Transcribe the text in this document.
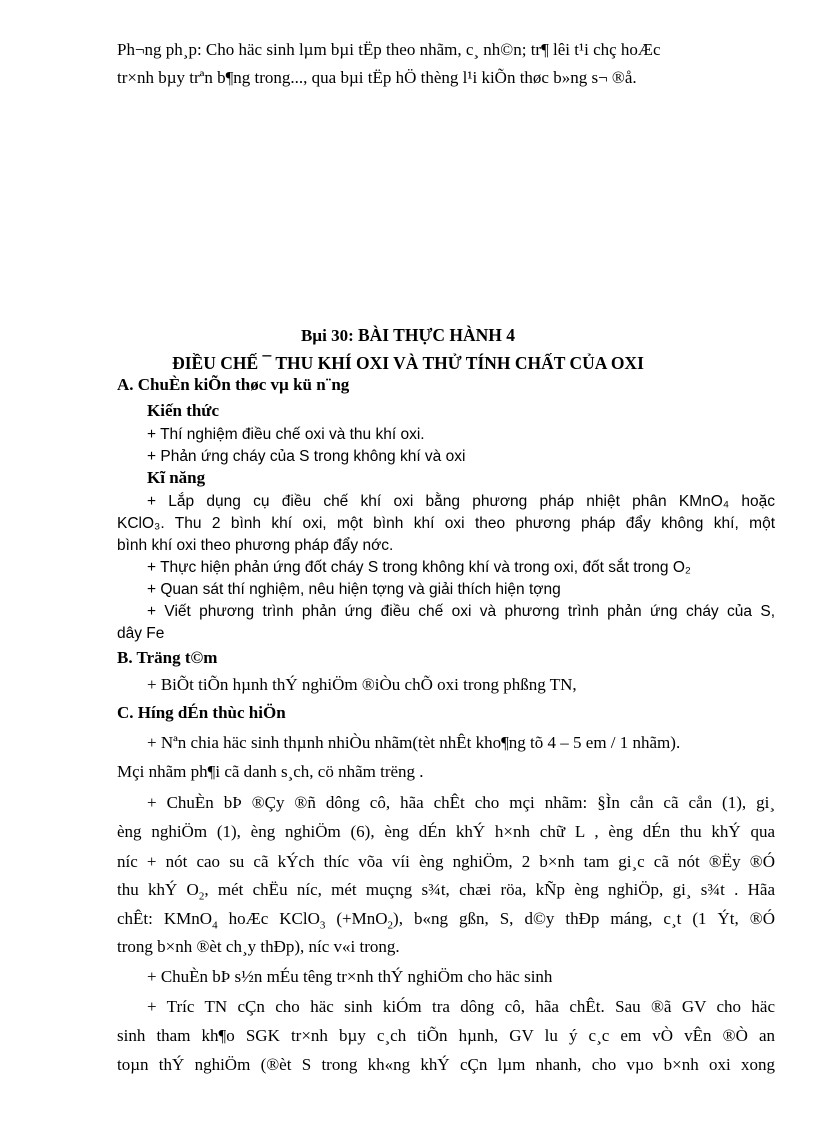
Ph¬ng ph¸p: Cho häc sinh lµm bµi tËp theo nhãm, c¸ nh©n; tr¶ lêi t¹i chç hoÆc
tr×nh bµy trªn b¶ng trong..., qua bµi tËp hÖ thèng l¹i kiÕn thøc b»ng s¬ ®å.
Bµi 30: BÀI THỰC HÀNH 4
ĐIỀU CHẾ ¯ THU KHÍ OXI VÀ THỬ TÍNH CHẤT CỦA OXI
A. ChuÈn kiÕn thøc vµ kü n¨ng
Kiến thức
+ Thí nghiệm điều chế oxi và thu khí oxi.
+ Phản ứng cháy của S trong không khí và oxi
Kĩ năng
+ Lắp dụng cụ điều chế khí oxi bằng phương pháp nhiệt phân KMnO₄ hoặc
KClO₃. Thu 2 bình khí oxi, một bình khí oxi theo phương pháp đẩy không khí, một
bình khí oxi theo phương pháp đẩy nớc.
+ Thực hiện phản ứng đốt cháy S trong không khí và trong oxi, đốt sắt trong O₂
+ Quan sát thí nghiệm, nêu hiện tợng và giải thích hiện tợng
+ Viết phương trình phản ứng điều chế oxi và phương trình phản ứng cháy của S,
dây Fe
B. Träng t©m
+ BiÕt tiÕn hµnh thÝ nghiÖm ®iÒu chÕ oxi trong phßng TN,
C. Híng dÉn thùc hiÖn
+ Nªn chia häc sinh thµnh nhiÒu nhãm(tèt nhÊt kho¶ng tõ 4 – 5 em / 1 nhãm).
Mçi nhãm ph¶i cã danh s¸ch, cö nhãm trëng .
+ ChuÈn bÞ ®Çy ®ñ dông cô, hãa chÊt cho mçi nhãm: §Ìn cån cã cån (1), gi¸
èng nghiÖm (1), èng nghiÖm (6), èng dÉn khÝ h×nh chữ L , èng dÉn thu khÝ qua
níc + nót cao su cã kÝch thíc võa víi èng nghiÖm, 2 b×nh tam gi¸c cã nót ®Ëy ®Ó
thu khÝ $O_2$, mét chËu níc, mét muçng s¾t, chæi röa, kÑp èng nghiÖp, gi¸ s¾t . Hãa
chÊt: KMnO$_4$ hoÆc KClO$_3$ (+MnO$_2$), b«ng gßn, S, d©y thÐp máng, c¸t (1 Ýt, ®Ó
trong b×nh ®èt ch¸y thÐp), níc v«i trong.
+ ChuÈn bÞ s½n mÉu têng tr×nh thÝ nghiÖm cho häc sinh
+ Tríc TN cÇn cho häc sinh kiÓm tra dông cô, hãa chÊt. Sau ®ã GV cho häc
sinh tham kh¶o SGK tr×nh bµy c¸ch tiÕn hµnh, GV lu ý c¸c em vÒ vÊn ®Ò an
toµn thÝ nghiÖm (®èt S trong kh«ng khÝ cÇn lµm nhanh, cho vµo b×nh oxi xong
